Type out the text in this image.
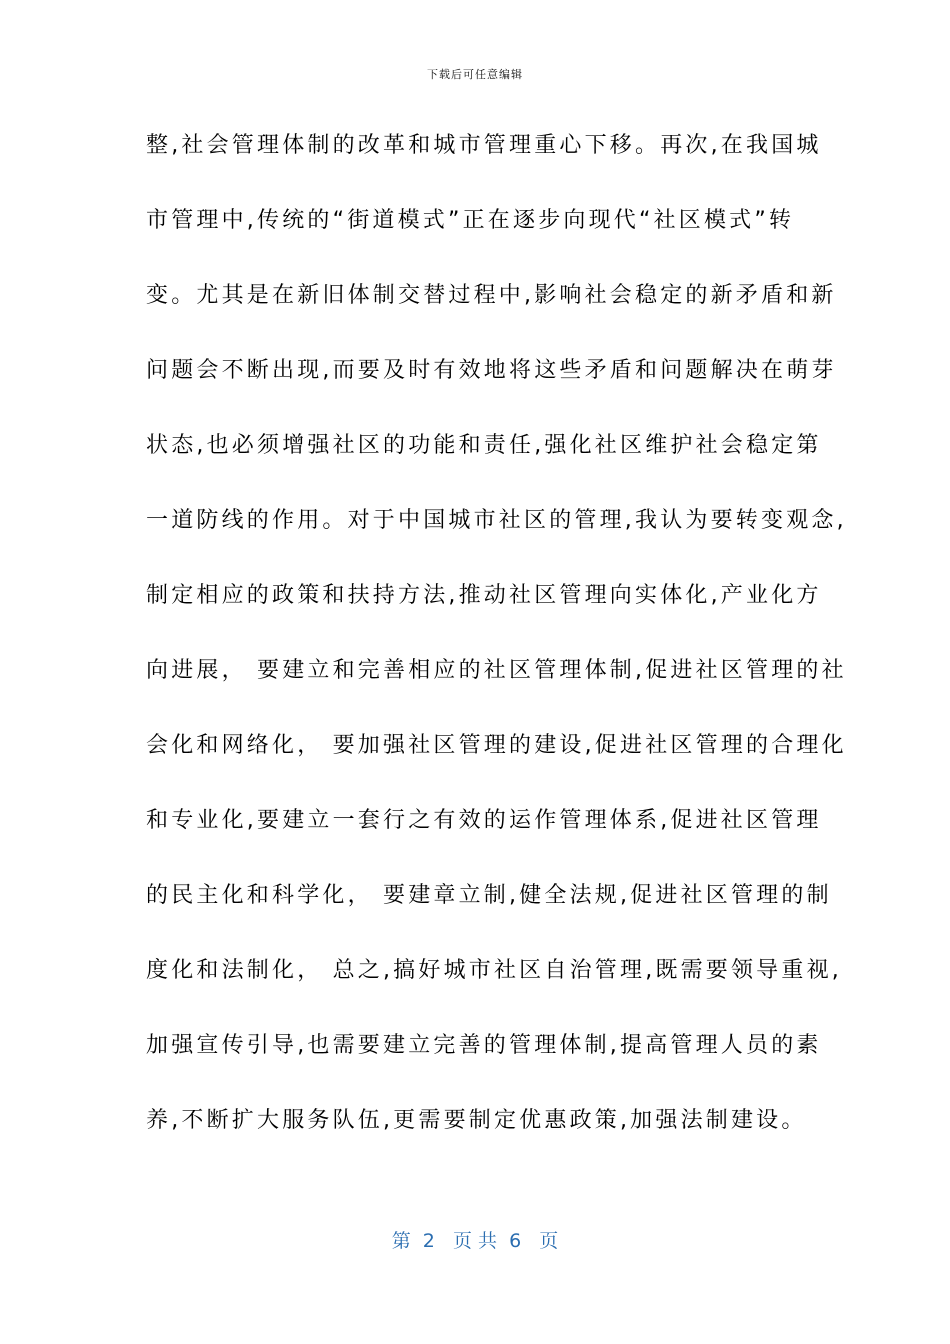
下载后可任意编辑
整,社会管理体制的改革和城市管理重心下移。再次,在我国城
市管理中,传统的“街道模式”正在逐步向现代“社区模式”转
变。尤其是在新旧体制交替过程中,影响社会稳定的新矛盾和新
问题会不断出现,而要及时有效地将这些矛盾和问题解决在萌芽
状态,也必须增强社区的功能和责任,强化社区维护社会稳定第
一道防线的作用。对于中国城市社区的管理,我认为要转变观念,
制定相应的政策和扶持方法,推动社区管理向实体化,产业化方
向进展， 要建立和完善相应的社区管理体制,促进社区管理的社
会化和网络化， 要加强社区管理的建设,促进社区管理的合理化
和专业化,要建立一套行之有效的运作管理体系,促进社区管理
的民主化和科学化， 要建章立制,健全法规,促进社区管理的制
度化和法制化， 总之,搞好城市社区自治管理,既需要领导重视,
加强宣传引导,也需要建立完善的管理体制,提高管理人员的素
养,不断扩大服务队伍,更需要制定优惠政策,加强法制建设。
第  2   页 共  6   页
